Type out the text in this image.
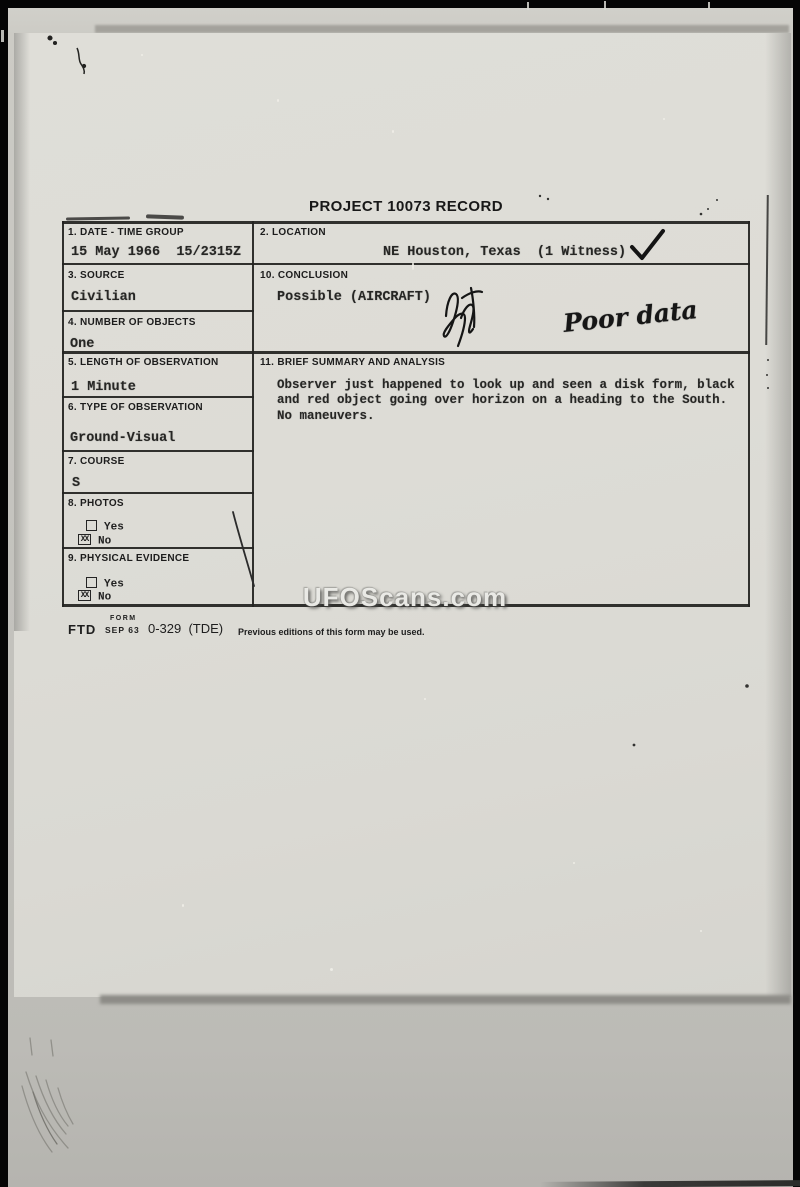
PROJECT 10073 RECORD
1. DATE - TIME GROUP
15 May 1966  15/2315Z
2. LOCATION
NE Houston, Texas  (1 Witness)
3. SOURCE
Civilian
10. CONCLUSION
Possible (AIRCRAFT)	Poor data
4. NUMBER OF OBJECTS
One
5. LENGTH OF OBSERVATION
1 Minute
11. BRIEF SUMMARY AND ANALYSIS
Observer just happened to look up and seen a disk form, black
and red object going over horizon on a heading to the South.
No maneuvers.
6. TYPE OF OBSERVATION
Ground-Visual
7. COURSE
S
8. PHOTOS
Yes
XX No
9. PHYSICAL EVIDENCE
Yes
XX No
FTD
FORM
SEP 63 0-329  (TDE) Previous editions of this form may be used.
UFOScans.com
